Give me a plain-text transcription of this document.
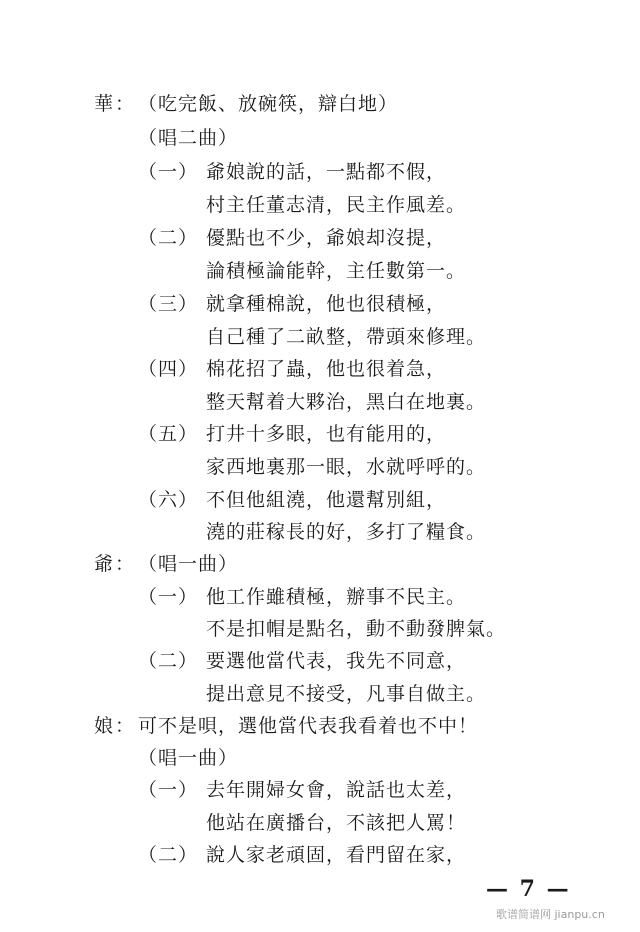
華： （吃完飯、放碗筷，辯白地）
（唱二曲）
（一） 爺娘說的話，一點都不假，
村主任董志清，民主作風差。
（二） 優點也不少，爺娘却沒提，
論積極論能幹，主任數第一。
（三） 就拿種棉說，他也很積極，
自己種了二畝整，帶頭來修理。
（四） 棉花招了蟲，他也很着急，
整天幫着大夥治，黑白在地裏。
（五） 打井十多眼，也有能用的，
家西地裏那一眼，水就呼呼的。
（六） 不但他組澆，他還幫別組，
澆的莊稼長的好，多打了糧食。
爺： （唱一曲）
（一） 他工作雖積極，辦事不民主。
不是扣帽是點名，動不動發脾氣。
（二） 要選他當代表，我先不同意，
提出意見不接受，凡事自做主。
娘： 可不是唄，選他當代表我看着也不中！
（唱一曲）
（一） 去年開婦女會，說話也太差，
他站在廣播台，不該把人罵！
（二） 說人家老頑固，看門留在家，
— 7 —
歌谱简谱网 jianpu.cn
